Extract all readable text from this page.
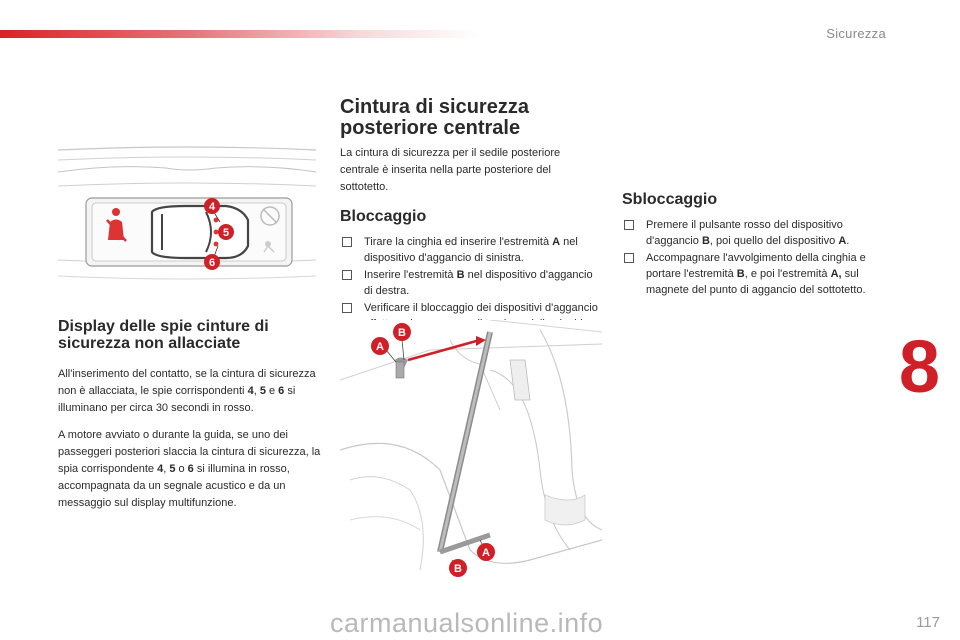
Sicurezza
4
5
6
Display delle spie cinture di sicurezza non allacciate

All'inserimento del contatto, se la cintura di sicurezza non è allacciata, le spie corrispondenti 4, 5 e 6 si illuminano per circa 30 secondi in rosso.

A motore avviato o durante la guida, se uno dei passeggeri posteriori slaccia la cintura di sicurezza, la spia corrispondente 4, 5 o 6 si illumina in rosso, accompagnata da un segnale acustico e da un messaggio sul display multifunzione.

Cintura di sicurezza posteriore centrale

La cintura di sicurezza per il sedile posteriore centrale è inserita nella parte posteriore del sottotetto.

Bloccaggio
Tirare la cinghia ed inserire l'estremità A nel dispositivo d'aggancio di sinistra.
Inserire l'estremità B nel dispositivo d'aggancio di destra.
Verificare il bloccaggio dei dispositivi d'aggancio
A
B
A
B
Sbloccaggio
Premere il pulsante rosso del dispositivo d'aggancio B, poi quello del dispositivo A.
Accompagnare l'avvolgimento della cinghia e portare l'estremità B, e poi l'estremità A, sul magnete del punto di aggancio del sottotetto.
8
carmanualsonline.info	117
